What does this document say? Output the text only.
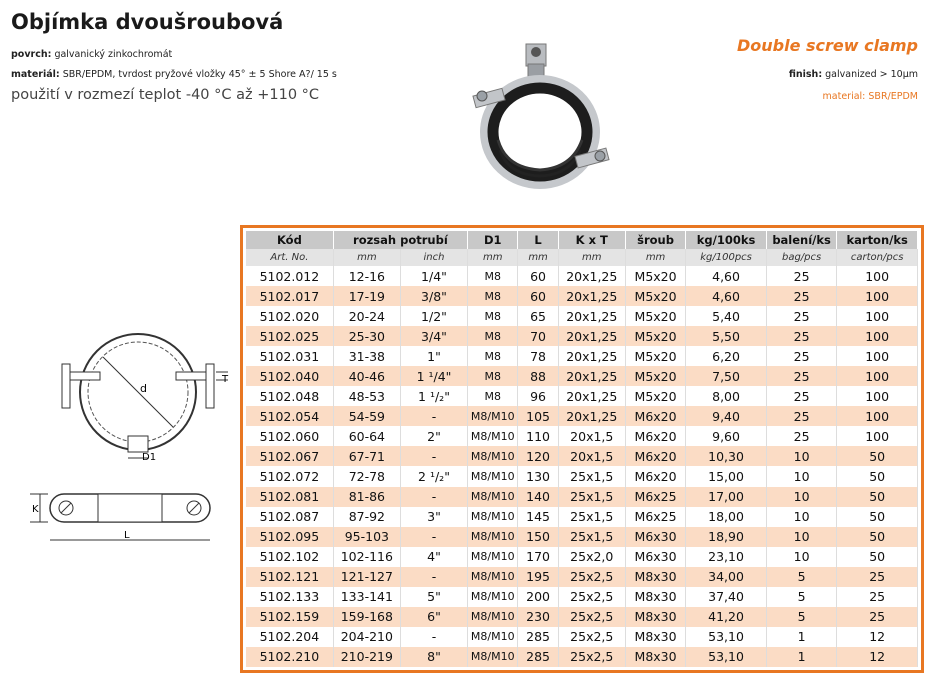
Objímka dvoušroubová
povrch: galvanický zinkochromát
materiál: SBR/EPDM, tvrdost pryžové vložky 45° ± 5 Shore A?/ 15 s
použití v rozmezí teplot -40 °C až +110 °C
Double screw clamp
finish: galvanized > 10μm
material: SBR/EPDM
d
T
D1
K
L
Kód	rozsah potrubí		D1	L	K x T	šroub	kg/100ks	balení/ks	karton/ks
Art. No.	mm	inch	mm	mm	mm	mm	kg/100pcs	bag/pcs	carton/pcs
5102.012	12-16	1/4"	M8	60	20x1,25	M5x20	4,60	25	100
5102.017	17-19	3/8"	M8	60	20x1,25	M5x20	4,60	25	100
5102.020	20-24	1/2"	M8	65	20x1,25	M5x20	5,40	25	100
5102.025	25-30	3/4"	M8	70	20x1,25	M5x20	5,50	25	100
5102.031	31-38	1"	M8	78	20x1,25	M5x20	6,20	25	100
5102.040	40-46	1 ¹/4"	M8	88	20x1,25	M5x20	7,50	25	100
5102.048	48-53	1 ¹/₂"	M8	96	20x1,25	M5x20	8,00	25	100
5102.054	54-59	-	M8/M10	105	20x1,25	M6x20	9,40	25	100
5102.060	60-64	2"	M8/M10	110	20x1,5	M6x20	9,60	25	100
5102.067	67-71	-	M8/M10	120	20x1,5	M6x20	10,30	10	50
5102.072	72-78	2 ¹/₂"	M8/M10	130	25x1,5	M6x20	15,00	10	50
5102.081	81-86	-	M8/M10	140	25x1,5	M6x25	17,00	10	50
5102.087	87-92	3"	M8/M10	145	25x1,5	M6x25	18,00	10	50
5102.095	95-103	-	M8/M10	150	25x1,5	M6x30	18,90	10	50
5102.102	102-116	4"	M8/M10	170	25x2,0	M6x30	23,10	10	50
5102.121	121-127	-	M8/M10	195	25x2,5	M8x30	34,00	5	25
5102.133	133-141	5"	M8/M10	200	25x2,5	M8x30	37,40	5	25
5102.159	159-168	6"	M8/M10	230	25x2,5	M8x30	41,20	5	25
5102.204	204-210	-	M8/M10	285	25x2,5	M8x30	53,10	1	12
5102.210	210-219	8"	M8/M10	285	25x2,5	M8x30	53,10	1	12
